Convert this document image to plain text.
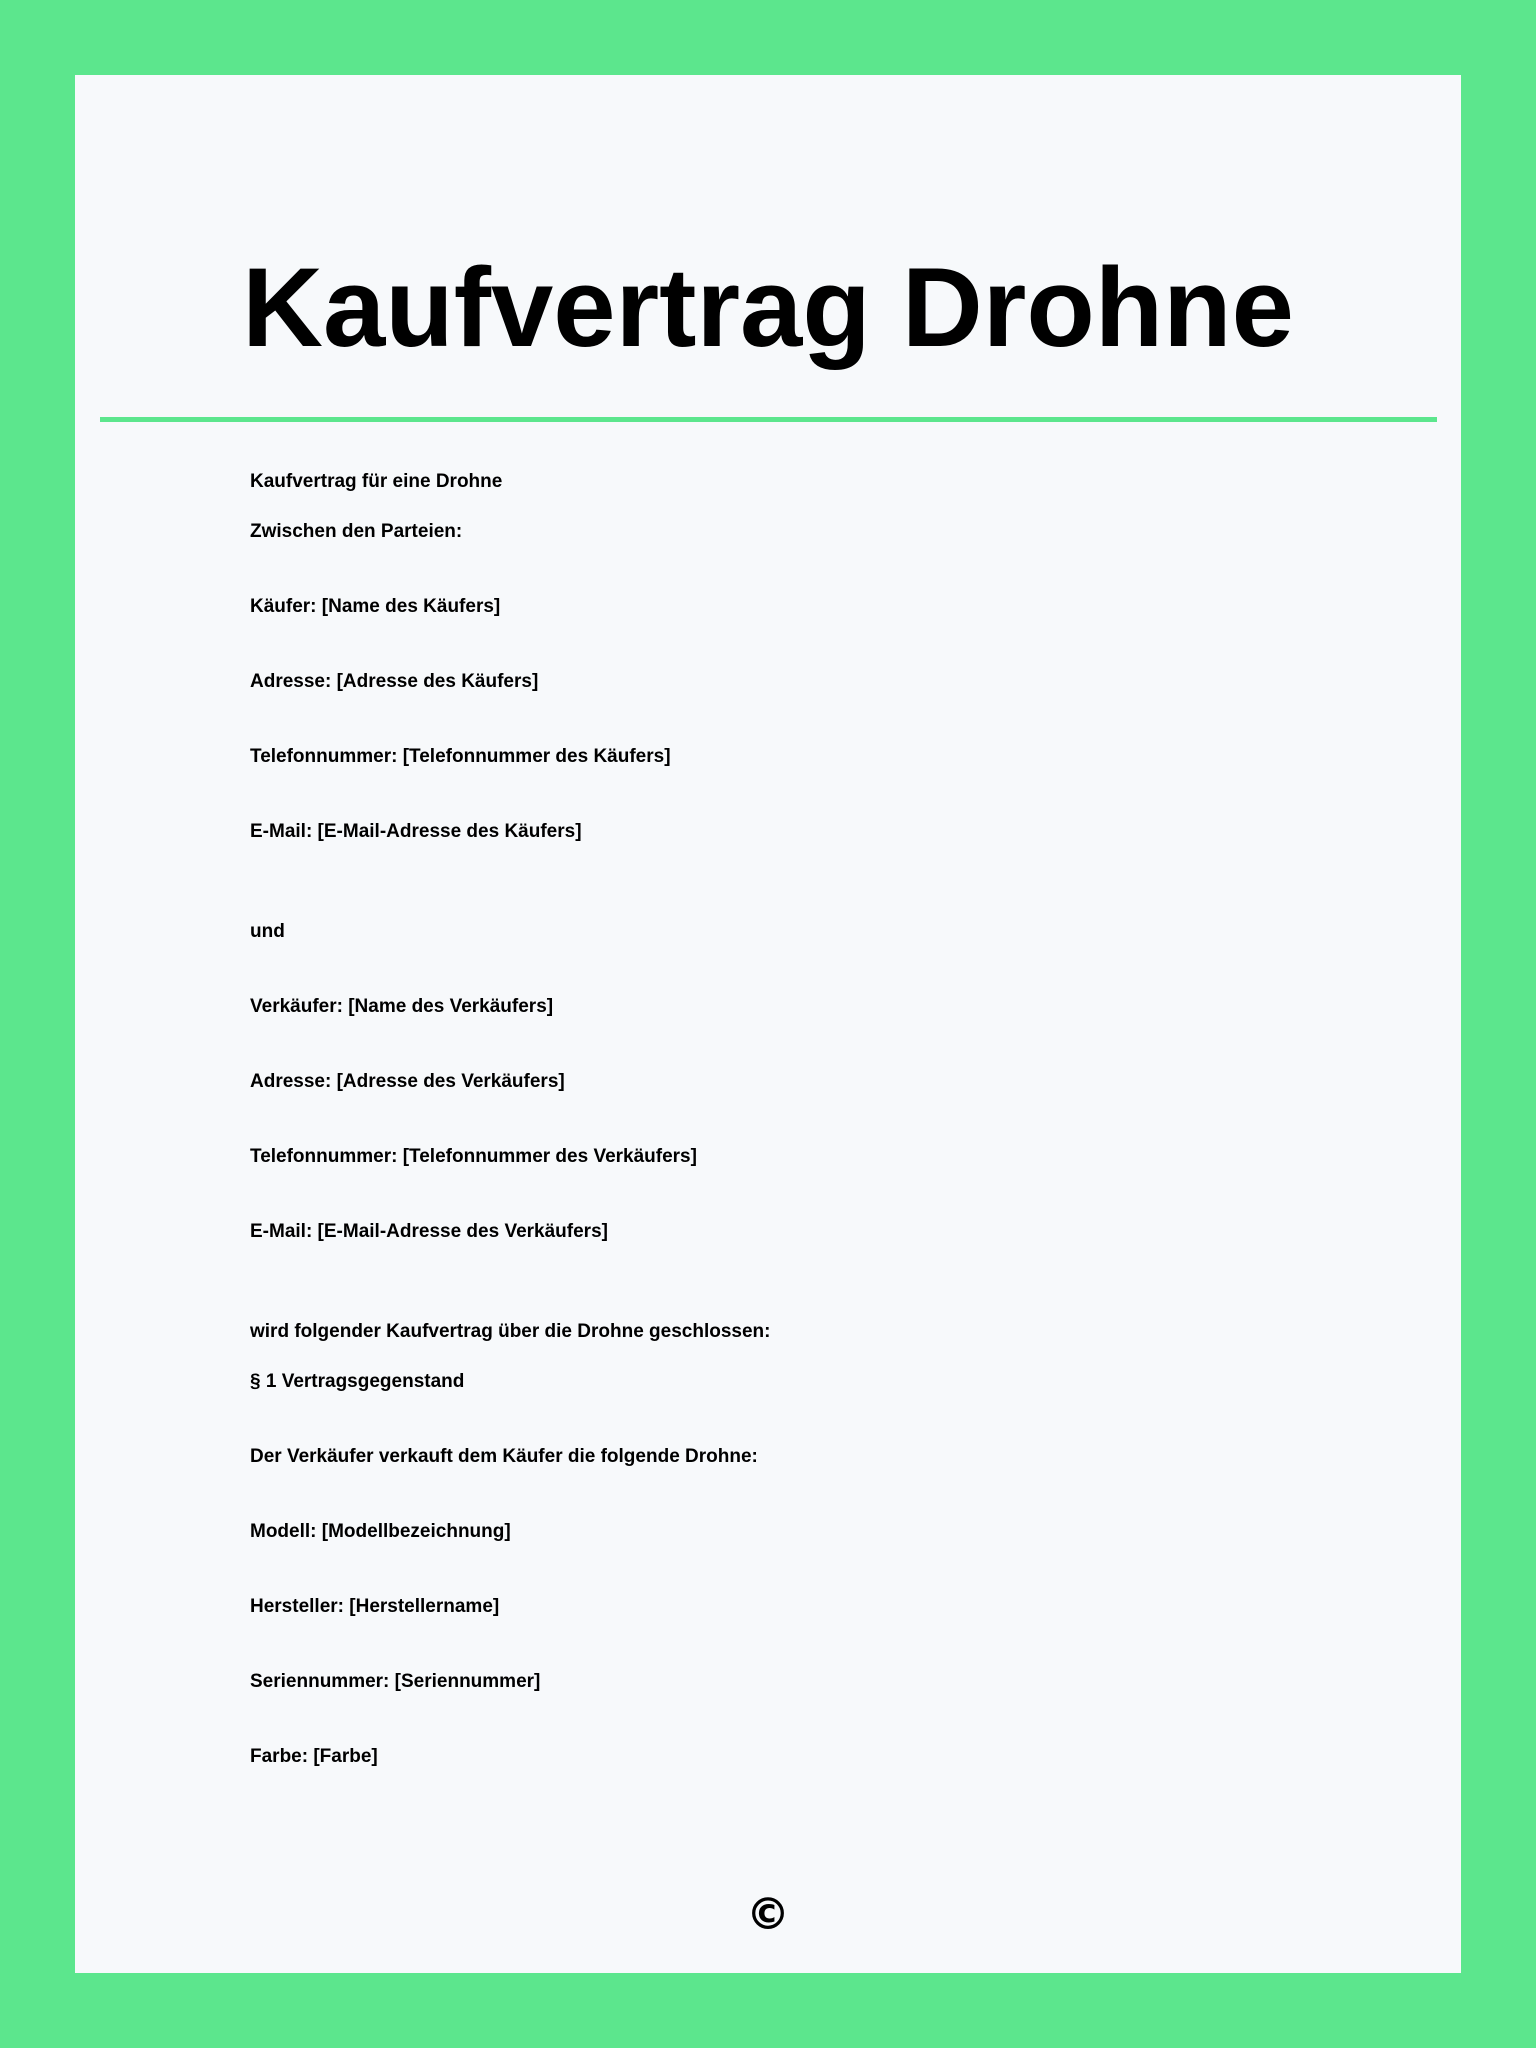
Kaufvertrag Drohne

Kaufvertrag für eine Drohne

Zwischen den Parteien:

Käufer: [Name des Käufers]

Adresse: [Adresse des Käufers]

Telefonnummer: [Telefonnummer des Käufers]

E-Mail: [E-Mail-Adresse des Käufers]

und

Verkäufer: [Name des Verkäufers]

Adresse: [Adresse des Verkäufers]

Telefonnummer: [Telefonnummer des Verkäufers]

E-Mail: [E-Mail-Adresse des Verkäufers]

wird folgender Kaufvertrag über die Drohne geschlossen:

§ 1 Vertragsgegenstand

Der Verkäufer verkauft dem Käufer die folgende Drohne:

Modell: [Modellbezeichnung]

Hersteller: [Herstellername]

Seriennummer: [Seriennummer]

Farbe: [Farbe]

©
